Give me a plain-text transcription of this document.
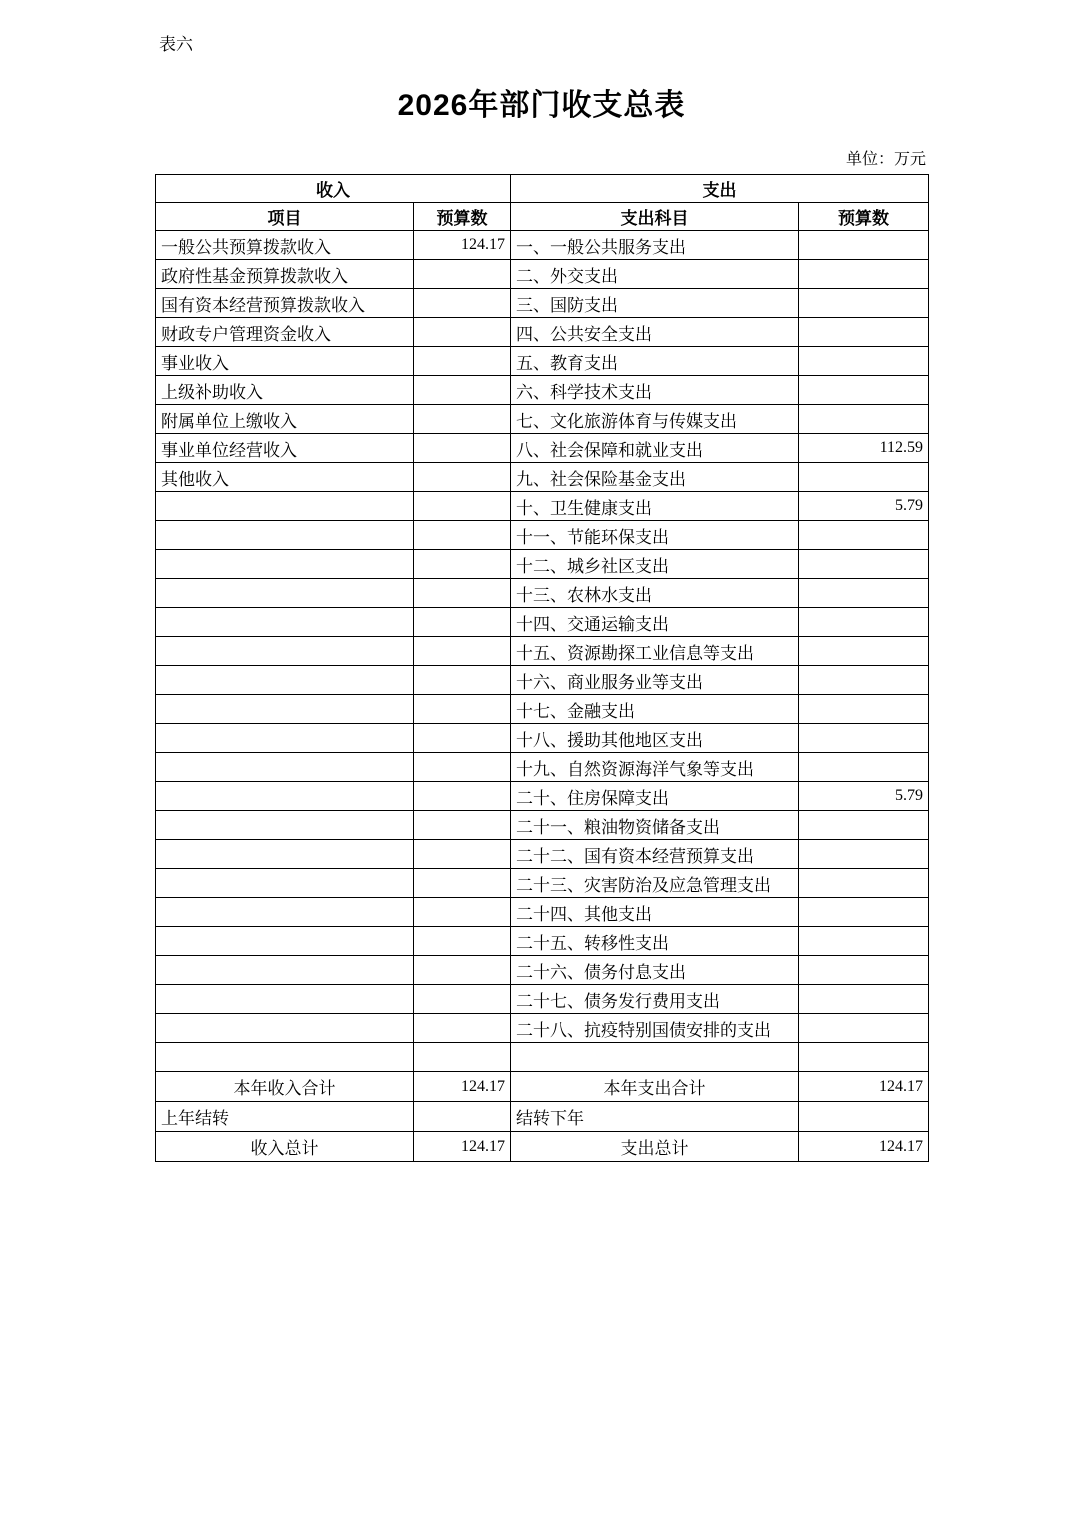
表六
2026年部门收支总表
单位：万元
收入		支出	
项目	预算数	支出科目	预算数
一般公共预算拨款收入	124.17	一、一般公共服务支出	
政府性基金预算拨款收入		二、外交支出	
国有资本经营预算拨款收入		三、国防支出	
财政专户管理资金收入		四、公共安全支出	
事业收入		五、教育支出	
上级补助收入		六、科学技术支出	
附属单位上缴收入		七、文化旅游体育与传媒支出	
事业单位经营收入		八、社会保障和就业支出	112.59
其他收入		九、社会保险基金支出	
		十、卫生健康支出	5.79
		十一、节能环保支出	
		十二、城乡社区支出	
		十三、农林水支出	
		十四、交通运输支出	
		十五、资源勘探工业信息等支出	
		十六、商业服务业等支出	
		十七、金融支出	
		十八、援助其他地区支出	
		十九、自然资源海洋气象等支出	
		二十、住房保障支出	5.79
		二十一、粮油物资储备支出	
		二十二、国有资本经营预算支出	
		二十三、灾害防治及应急管理支出	
		二十四、其他支出	
		二十五、转移性支出	
		二十六、债务付息支出	
		二十七、债务发行费用支出	
		二十八、抗疫特别国债安排的支出	

本年收入合计	124.17	本年支出合计	124.17
上年结转		结转下年	
收入总计	124.17	支出总计	124.17
